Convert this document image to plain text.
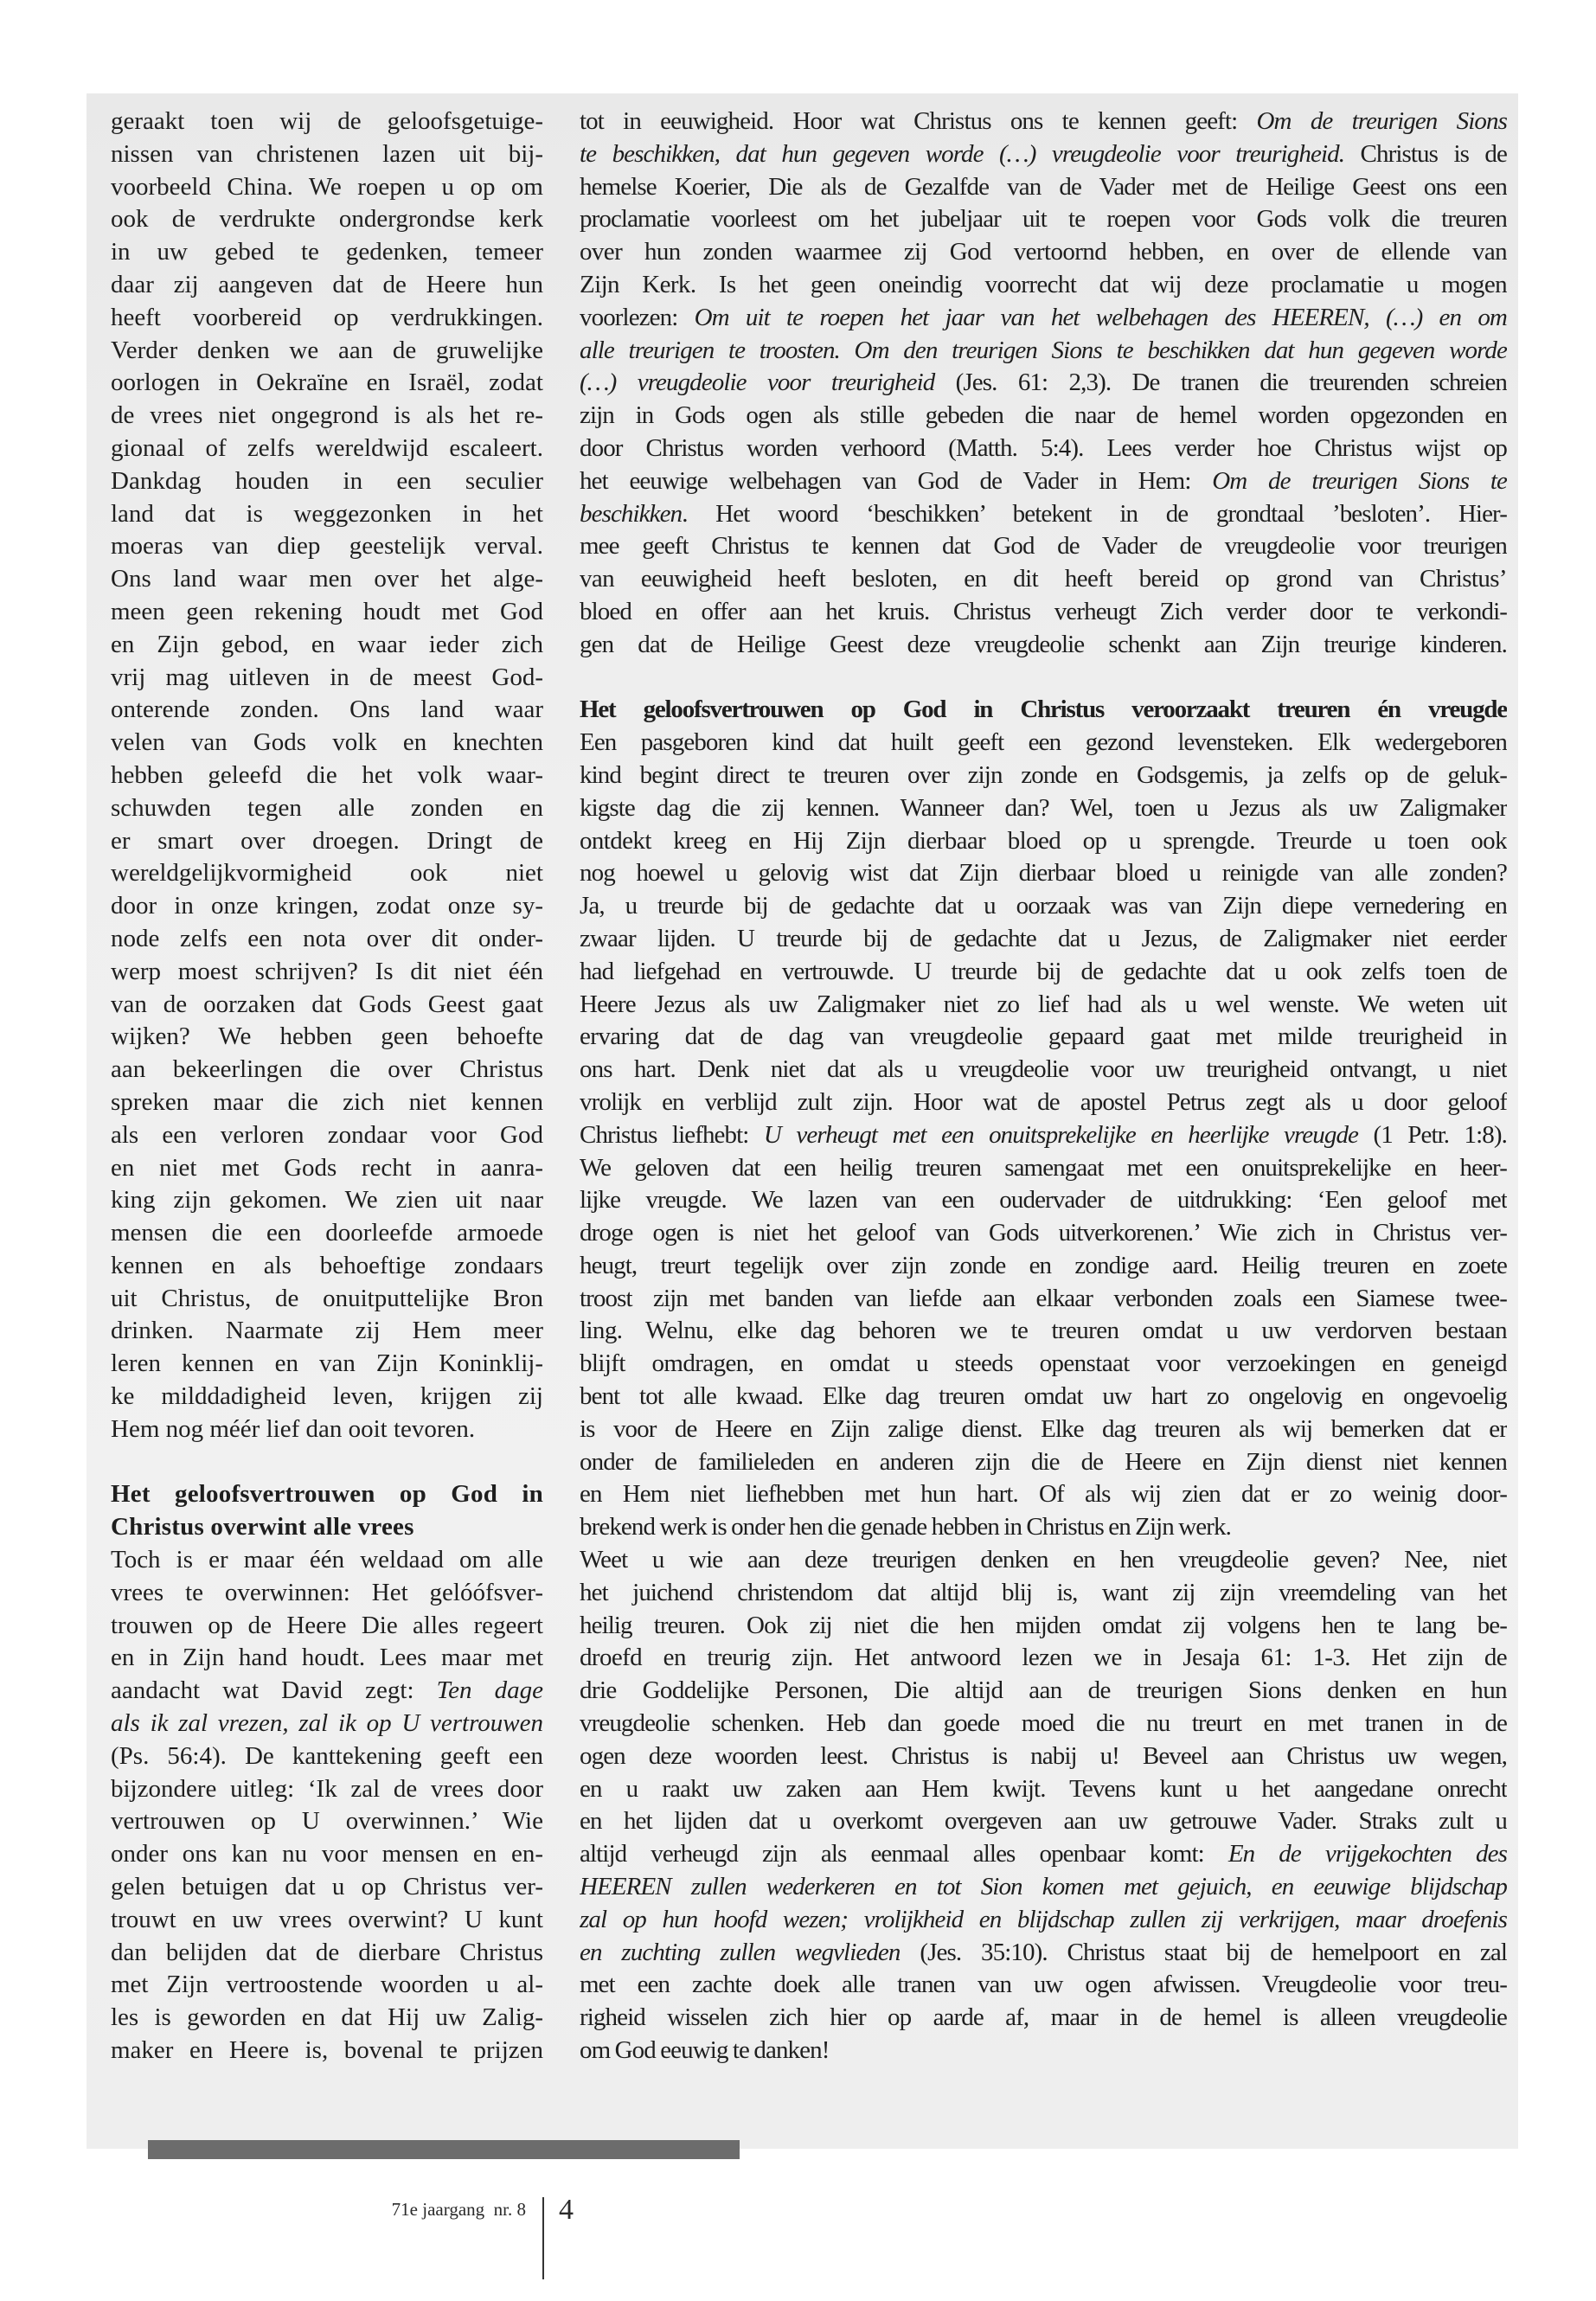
geraakt toen wij de geloofsgetuige-
nissen van christenen lazen uit bij-
voorbeeld China. We roepen u op om
ook de verdrukte ondergrondse kerk
in uw gebed te gedenken, temeer
daar zij aangeven dat de Heere hun
heeft voorbereid op verdrukkingen.
Verder denken we aan de gruwelijke
oorlogen in Oekraïne en Israël, zodat
de vrees niet ongegrond is als het re-
gionaal of zelfs wereldwijd escaleert.
Dankdag houden in een seculier
land dat is weggezonken in het
moeras van diep geestelijk verval.
Ons land waar men over het alge-
meen geen rekening houdt met God
en Zijn gebod, en waar ieder zich
vrij mag uitleven in de meest God-
onterende zonden. Ons land waar
velen van Gods volk en knechten
hebben geleefd die het volk waar-
schuwden tegen alle zonden en
er smart over droegen. Dringt de
wereldgelijkvormigheid ook niet
door in onze kringen, zodat onze sy-
node zelfs een nota over dit onder-
werp moest schrijven? Is dit niet één
van de oorzaken dat Gods Geest gaat
wijken? We hebben geen behoefte
aan bekeerlingen die over Christus
spreken maar die zich niet kennen
als een verloren zondaar voor God
en niet met Gods recht in aanra-
king zijn gekomen. We zien uit naar
mensen die een doorleefde armoede
kennen en als behoeftige zondaars
uit Christus, de onuitputtelijke Bron
drinken. Naarmate zij Hem meer
leren kennen en van Zijn Koninklij-
ke milddadigheid leven, krijgen zij
Hem nog méér lief dan ooit tevoren.
Het geloofsvertrouwen op God in
Christus overwint alle vrees
Toch is er maar één weldaad om alle
vrees te overwinnen: Het gelóófsver-
trouwen op de Heere Die alles regeert
en in Zijn hand houdt. Lees maar met
aandacht wat David zegt: Ten dage
als ik zal vrezen, zal ik op U vertrouwen
(Ps. 56:4). De kanttekening geeft een
bijzondere uitleg: ‘Ik zal de vrees door
vertrouwen op U overwinnen.’ Wie
onder ons kan nu voor mensen en en-
gelen betuigen dat u op Christus ver-
trouwt en uw vrees overwint? U kunt
dan belijden dat de dierbare Christus
met Zijn vertroostende woorden u al-
les is geworden en dat Hij uw Zalig-
maker en Heere is, bovenal te prijzen
tot in eeuwigheid. Hoor wat Christus ons te kennen geeft: Om de treurigen Sions
te beschikken, dat hun gegeven worde (…) vreugdeolie voor treurigheid. Christus is de
hemelse Koerier, Die als de Gezalfde van de Vader met de Heilige Geest ons een
proclamatie voorleest om het jubeljaar uit te roepen voor Gods volk die treuren
over hun zonden waarmee zij God vertoornd hebben, en over de ellende van
Zijn Kerk. Is het geen oneindig voorrecht dat wij deze proclamatie u mogen
voorlezen: Om uit te roepen het jaar van het welbehagen des HEEREN, (…) en om
alle treurigen te troosten. Om den treurigen Sions te beschikken dat hun gegeven worde
(…) vreugdeolie voor treurigheid (Jes. 61: 2,3). De tranen die treurenden schreien
zijn in Gods ogen als stille gebeden die naar de hemel worden opgezonden en
door Christus worden verhoord (Matth. 5:4). Lees verder hoe Christus wijst op
het eeuwige welbehagen van God de Vader in Hem: Om de treurigen Sions te
beschikken. Het woord ‘beschikken’ betekent in de grondtaal ’besloten’. Hier-
mee geeft Christus te kennen dat God de Vader de vreugdeolie voor treurigen
van eeuwigheid heeft besloten, en dit heeft bereid op grond van Christus’
bloed en offer aan het kruis. Christus verheugt Zich verder door te verkondi-
gen dat de Heilige Geest deze vreugdeolie schenkt aan Zijn treurige kinderen.
Het geloofsvertrouwen op God in Christus veroorzaakt treuren én vreugde
Een pasgeboren kind dat huilt geeft een gezond levensteken. Elk wedergeboren
kind begint direct te treuren over zijn zonde en Godsgemis, ja zelfs op de geluk-
kigste dag die zij kennen. Wanneer dan? Wel, toen u Jezus als uw Zaligmaker
ontdekt kreeg en Hij Zijn dierbaar bloed op u sprengde. Treurde u toen ook
nog hoewel u gelovig wist dat Zijn dierbaar bloed u reinigde van alle zonden?
Ja, u treurde bij de gedachte dat u oorzaak was van Zijn diepe vernedering en
zwaar lijden. U treurde bij de gedachte dat u Jezus, de Zaligmaker niet eerder
had liefgehad en vertrouwde. U treurde bij de gedachte dat u ook zelfs toen de
Heere Jezus als uw Zaligmaker niet zo lief had als u wel wenste. We weten uit
ervaring dat de dag van vreugdeolie gepaard gaat met milde treurigheid in
ons hart. Denk niet dat als u vreugdeolie voor uw treurigheid ontvangt, u niet
vrolijk en verblijd zult zijn. Hoor wat de apostel Petrus zegt als u door geloof
Christus liefhebt: U verheugt met een onuitsprekelijke en heerlijke vreugde (1 Petr. 1:8).
We geloven dat een heilig treuren samengaat met een onuitsprekelijke en heer-
lijke vreugde. We lazen van een oudervader de uitdrukking: ‘Een geloof met
droge ogen is niet het geloof van Gods uitverkorenen.’ Wie zich in Christus ver-
heugt, treurt tegelijk over zijn zonde en zondige aard. Heilig treuren en zoete
troost zijn met banden van liefde aan elkaar verbonden zoals een Siamese twee-
ling. Welnu, elke dag behoren we te treuren omdat u uw verdorven bestaan
blijft omdragen, en omdat u steeds openstaat voor verzoekingen en geneigd
bent tot alle kwaad. Elke dag treuren omdat uw hart zo ongelovig en ongevoelig
is voor de Heere en Zijn zalige dienst. Elke dag treuren als wij bemerken dat er
onder de familieleden en anderen zijn die de Heere en Zijn dienst niet kennen
en Hem niet liefhebben met hun hart. Of als wij zien dat er zo weinig door-
brekend werk is onder hen die genade hebben in Christus en Zijn werk.
Weet u wie aan deze treurigen denken en hen vreugdeolie geven? Nee, niet
het juichend christendom dat altijd blij is, want zij zijn vreemdeling van het
heilig treuren. Ook zij niet die hen mijden omdat zij volgens hen te lang be-
droefd en treurig zijn. Het antwoord lezen we in Jesaja 61: 1-3. Het zijn de
drie Goddelijke Personen, Die altijd aan de treurigen Sions denken en hun
vreugdeolie schenken. Heb dan goede moed die nu treurt en met tranen in de
ogen deze woorden leest. Christus is nabij u! Beveel aan Christus uw wegen,
en u raakt uw zaken aan Hem kwijt. Tevens kunt u het aangedane onrecht
en het lijden dat u overkomt overgeven aan uw getrouwe Vader. Straks zult u
altijd verheugd zijn als eenmaal alles openbaar komt: En de vrijgekochten des
HEEREN zullen wederkeren en tot Sion komen met gejuich, en eeuwige blijdschap
zal op hun hoofd wezen; vrolijkheid en blijdschap zullen zij verkrijgen, maar droefenis
en zuchting zullen wegvlieden (Jes. 35:10). Christus staat bij de hemelpoort en zal
met een zachte doek alle tranen van uw ogen afwissen. Vreugdeolie voor treu-
righeid wisselen zich hier op aarde af, maar in de hemel is alleen vreugdeolie
om God eeuwig te danken!
71e jaargang  nr. 8 4
